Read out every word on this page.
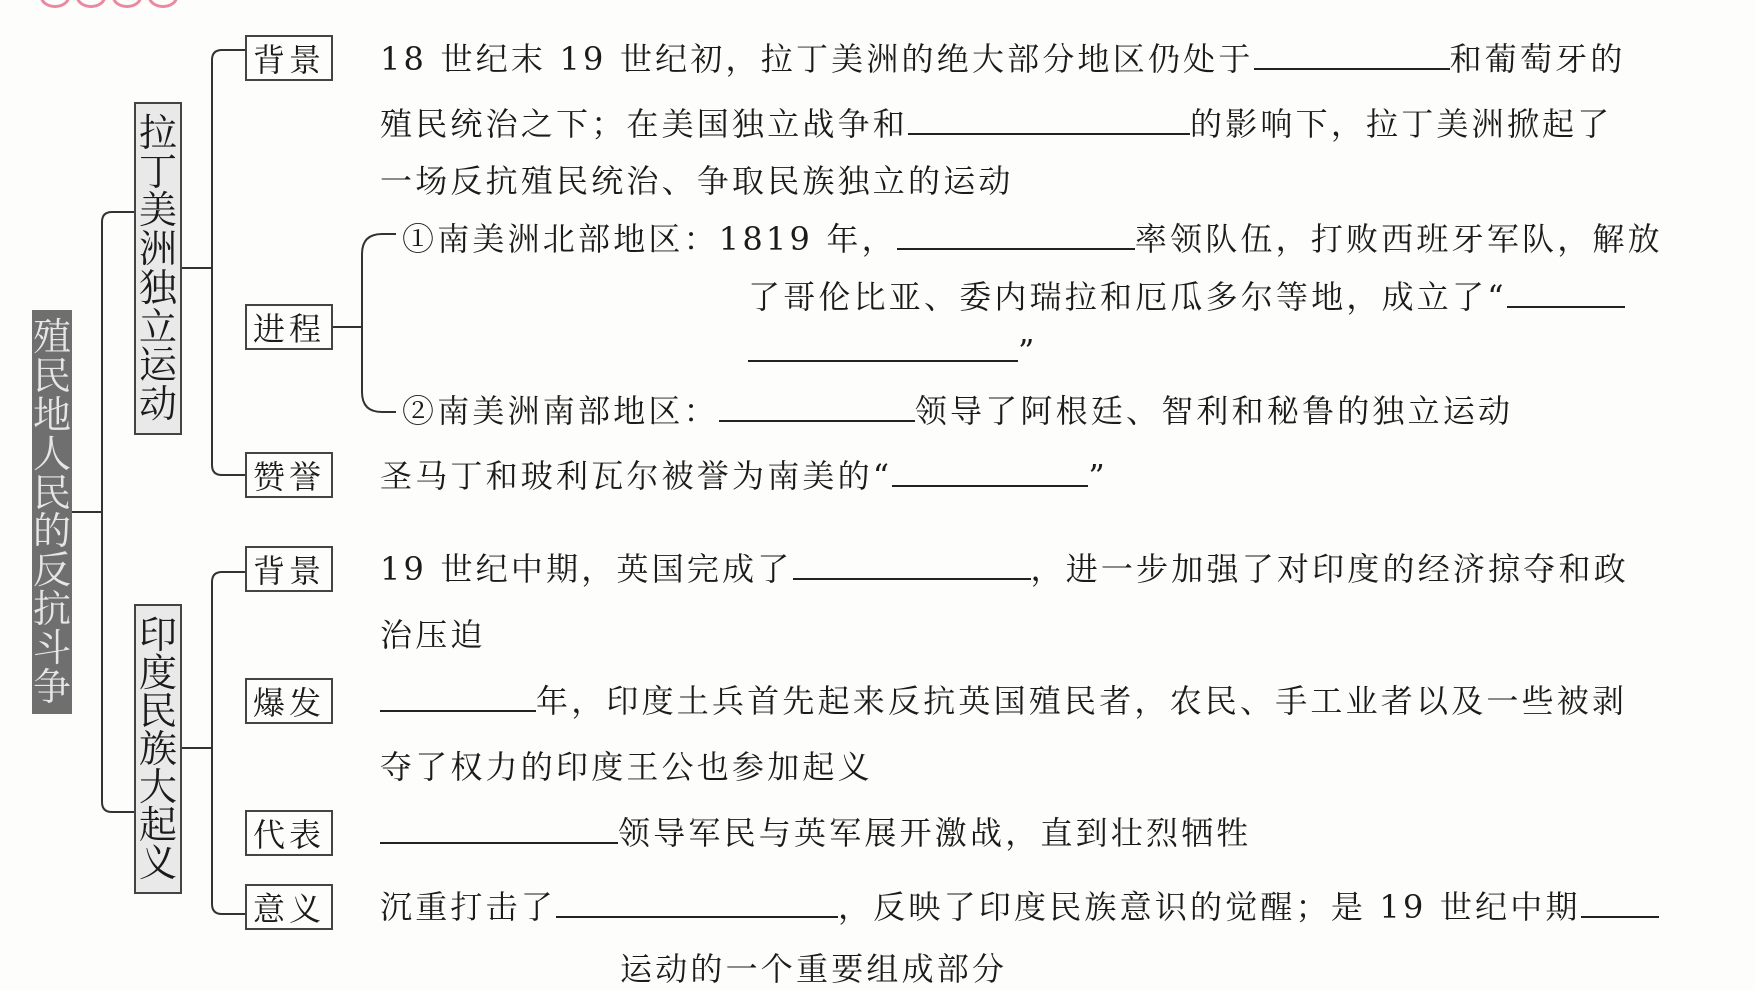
殖
民
地
人
民
的
反
抗
斗
争
拉
丁
美
洲
独
立
运
动
印
度
民
族
大
起
义
背景 18 世纪末 19 世纪初，拉丁美洲的绝大部分地区仍处于	和葡萄牙的
殖民统治之下；在美国独立战争和	的影响下，拉丁美洲掀起了
一场反抗殖民统治、争取民族独立的运动
进程
①南美洲北部地区：1819 年，	率领队伍，打败西班牙军队，解放
了哥伦比亚、委内瑞拉和厄瓜多尔等地，成立了“
”
②南美洲南部地区：	领导了阿根廷、智利和秘鲁的独立运动
赞誉 圣马丁和玻利瓦尔被誉为南美的“	”
背景 19 世纪中期，英国完成了	，进一步加强了对印度的经济掠夺和政
治压迫
爆发	年，印度土兵首先起来反抗英国殖民者，农民、手工业者以及一些被剥
夺了权力的印度王公也参加起义
代表	领导军民与英军展开激战，直到壮烈牺牲
意义 沉重打击了	，反映了印度民族意识的觉醒；是 19 世纪中期
运动的一个重要组成部分
